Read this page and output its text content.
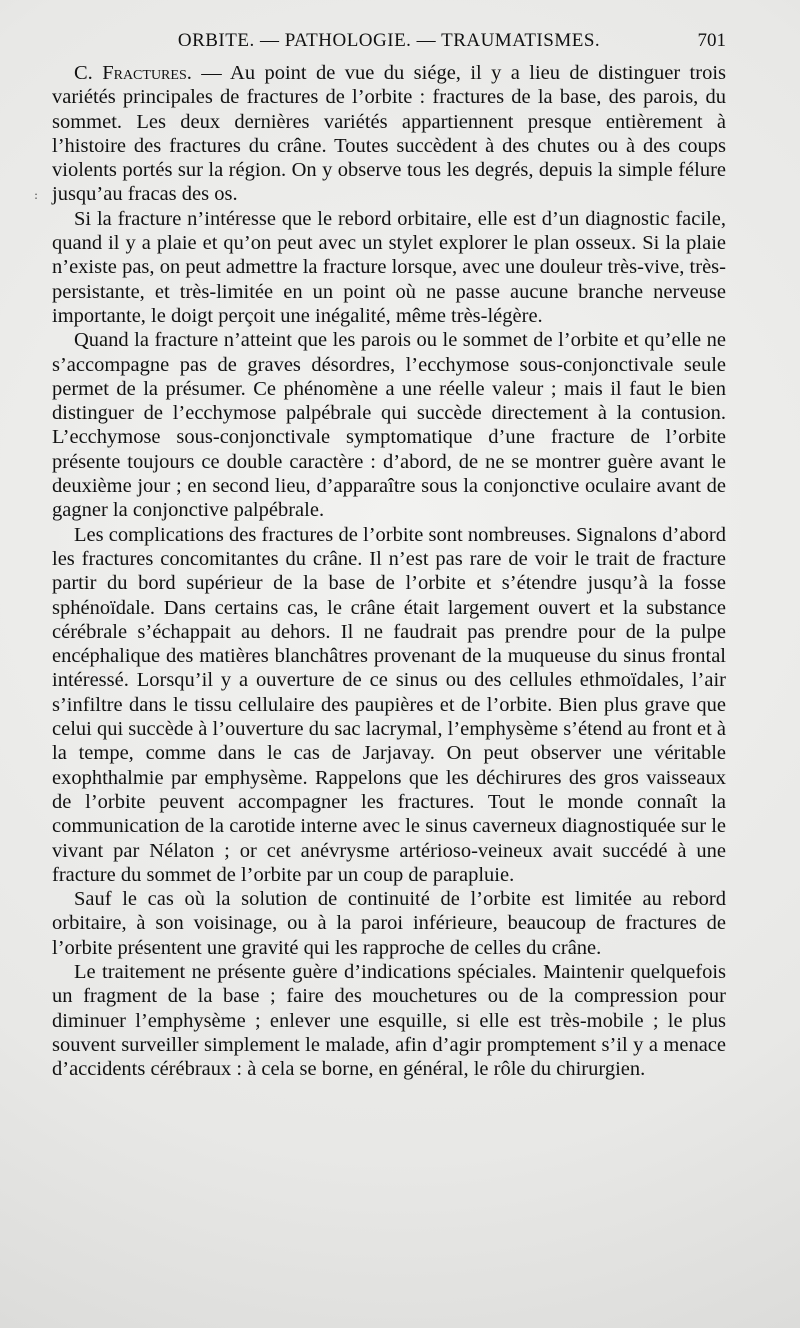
ORBITE. — PATHOLOGIE. — TRAUMATISMES.	701
:

C. Fractures. — Au point de vue du siége, il y a lieu de distinguer trois variétés principales de fractures de l’orbite : fractures de la base, des parois, du sommet. Les deux dernières variétés appartiennent presque entièrement à l’histoire des fractures du crâne. Toutes succèdent à des chutes ou à des coups violents portés sur la région. On y observe tous les degrés, depuis la simple félure jusqu’au fracas des os.

Si la fracture n’intéresse que le rebord orbitaire, elle est d’un diagnostic facile, quand il y a plaie et qu’on peut avec un stylet explorer le plan osseux. Si la plaie n’existe pas, on peut admettre la fracture lorsque, avec une douleur très-vive, très-persistante, et très-limitée en un point où ne passe aucune branche nerveuse importante, le doigt perçoit une inégalité, même très-légère.

Quand la fracture n’atteint que les parois ou le sommet de l’orbite et qu’elle ne s’accompagne pas de graves désordres, l’ecchymose sous-conjonctivale seule permet de la présumer. Ce phénomène a une réelle valeur ; mais il faut le bien distinguer de l’ecchymose palpébrale qui succède directement à la contusion. L’ecchymose sous-conjonctivale symptomatique d’une fracture de l’orbite présente toujours ce double caractère : d’abord, de ne se montrer guère avant le deuxième jour ; en second lieu, d’apparaître sous la conjonctive oculaire avant de gagner la conjonctive palpébrale.

Les complications des fractures de l’orbite sont nombreuses. Signalons d’abord les fractures concomitantes du crâne. Il n’est pas rare de voir le trait de fracture partir du bord supérieur de la base de l’orbite et s’étendre jusqu’à la fosse sphénoïdale. Dans certains cas, le crâne était largement ouvert et la substance cérébrale s’échappait au dehors. Il ne faudrait pas prendre pour de la pulpe encéphalique des matières blanchâtres provenant de la muqueuse du sinus frontal intéressé. Lorsqu’il y a ouverture de ce sinus ou des cellules ethmoïdales, l’air s’infiltre dans le tissu cellulaire des paupières et de l’orbite. Bien plus grave que celui qui succède à l’ouverture du sac lacrymal, l’emphysème s’étend au front et à la tempe, comme dans le cas de Jarjavay. On peut observer une véritable exophthalmie par emphysème. Rappelons que les déchirures des gros vaisseaux de l’orbite peuvent accompagner les fractures. Tout le monde connaît la communication de la carotide interne avec le sinus caverneux diagnostiquée sur le vivant par Nélaton ; or cet anévrysme artérioso-veineux avait succédé à une fracture du sommet de l’orbite par un coup de parapluie.

Sauf le cas où la solution de continuité de l’orbite est limitée au rebord orbitaire, à son voisinage, ou à la paroi inférieure, beaucoup de fractures de l’orbite présentent une gravité qui les rapproche de celles du crâne.

Le traitement ne présente guère d’indications spéciales. Maintenir quelquefois un fragment de la base ; faire des mouchetures ou de la compression pour diminuer l’emphysème ; enlever une esquille, si elle est très-mobile ; le plus souvent surveiller simplement le malade, afin d’agir promptement s’il y a menace d’accidents cérébraux : à cela se borne, en général, le rôle du chirurgien.
